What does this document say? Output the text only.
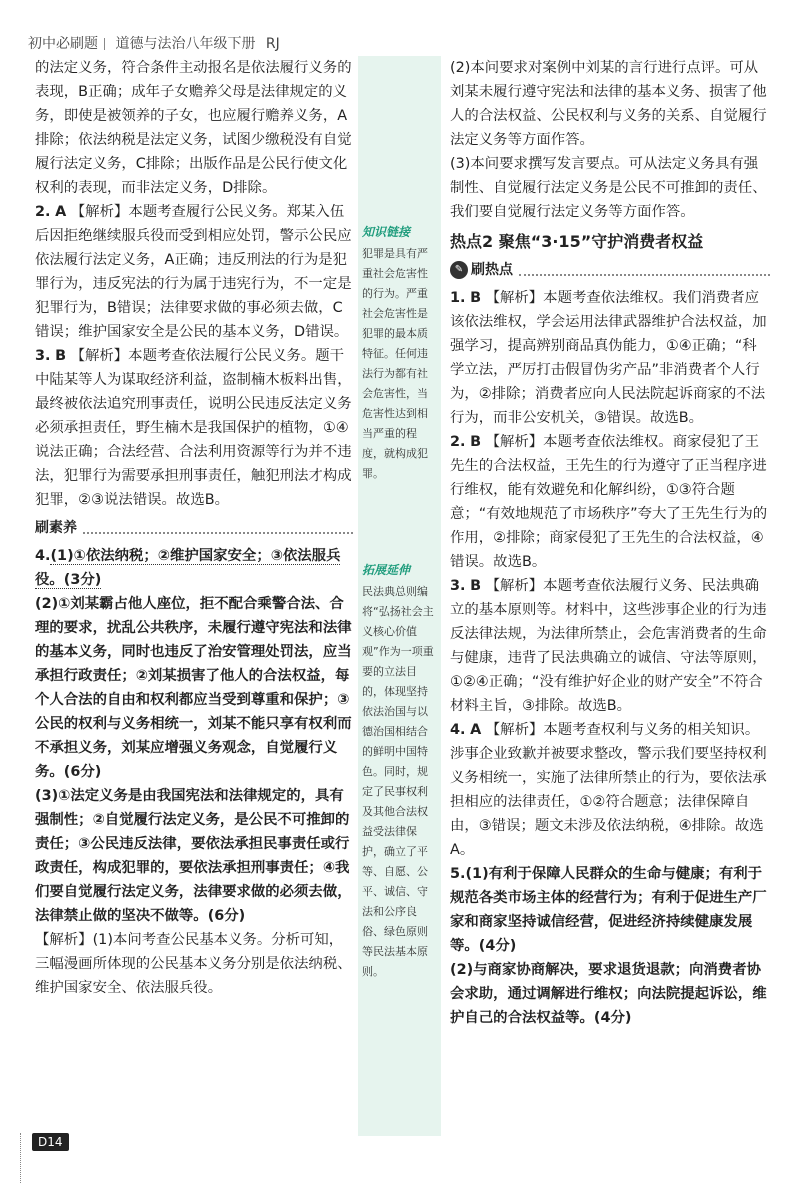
初中必刷题 道德与法治八年级下册 RJ
知识链接
犯罪是具有严重社会危害性的行为。严重社会危害性是犯罪的最本质特征。任何违法行为都有社会危害性，当危害性达到相当严重的程度，就构成犯罪。
拓展延伸
民法典总则编将“弘扬社会主义核心价值观”作为一项重要的立法目的，体现坚持依法治国与以德治国相结合的鲜明中国特色。同时，规定了民事权利及其他合法权益受法律保护，确立了平等、自愿、公平、诚信、守法和公序良俗、绿色原则等民法基本原则。

的法定义务，符合条件主动报名是依法履行义务的表现，B正确；成年子女赡养父母是法律规定的义务，即使是被领养的子女，也应履行赡养义务，A排除；依法纳税是法定义务，试图少缴税没有自觉履行法定义务，C排除；出版作品是公民行使文化权利的表现，而非法定义务，D排除。

2. A 【解析】本题考查履行公民义务。郑某入伍后因拒绝继续服兵役而受到相应处罚，警示公民应依法履行法定义务，A正确；违反刑法的行为是犯罪行为，违反宪法的行为属于违宪行为，不一定是犯罪行为，B错误；法律要求做的事必须去做，C错误；维护国家安全是公民的基本义务，D错误。

3. B 【解析】本题考查依法履行公民义务。题干中陆某等人为谋取经济利益，盗制楠木板料出售，最终被依法追究刑事责任，说明公民违反法定义务必须承担责任，野生楠木是我国保护的植物，①④说法正确；合法经营、合法利用资源等行为并不违法，犯罪行为需要承担刑事责任，触犯刑法才构成犯罪，②③说法错误。故选B。

刷素养

4.(1)①依法纳税；②维护国家安全；③依法服兵役。(3分)

(2)①刘某霸占他人座位，拒不配合乘警合法、合理的要求，扰乱公共秩序，未履行遵守宪法和法律的基本义务，同时也违反了治安管理处罚法，应当承担行政责任；②刘某损害了他人的合法权益，每个人合法的自由和权利都应当受到尊重和保护；③公民的权利与义务相统一，刘某不能只享有权利而不承担义务，刘某应增强义务观念，自觉履行义务。(6分)

(3)①法定义务是由我国宪法和法律规定的，具有强制性；②自觉履行法定义务，是公民不可推卸的责任；③公民违反法律，要依法承担民事责任或行政责任，构成犯罪的，要依法承担刑事责任；④我们要自觉履行法定义务，法律要求做的必须去做，法律禁止做的坚决不做等。(6分)

【解析】(1)本问考查公民基本义务。分析可知，三幅漫画所体现的公民基本义务分别是依法纳税、维护国家安全、依法服兵役。

(2)本问要求对案例中刘某的言行进行点评。可从刘某未履行遵守宪法和法律的基本义务、损害了他人的合法权益、公民权利与义务的关系、自觉履行法定义务等方面作答。

(3)本问要求撰写发言要点。可从法定义务具有强制性、自觉履行法定义务是公民不可推卸的责任、我们要自觉履行法定义务等方面作答。

热点2 聚焦“3·15”守护消费者权益
✎ 刷热点

1. B 【解析】本题考查依法维权。我们消费者应该依法维权，学会运用法律武器维护合法权益，加强学习，提高辨别商品真伪能力，①④正确；“科学立法，严厉打击假冒伪劣产品”非消费者个人行为，②排除；消费者应向人民法院起诉商家的不法行为，而非公安机关，③错误。故选B。

2. B 【解析】本题考查依法维权。商家侵犯了王先生的合法权益，王先生的行为遵守了正当程序进行维权，能有效避免和化解纠纷，①③符合题意；“有效地规范了市场秩序”夸大了王先生行为的作用，②排除；商家侵犯了王先生的合法权益，④错误。故选B。

3. B 【解析】本题考查依法履行义务、民法典确立的基本原则等。材料中，这些涉事企业的行为违反法律法规，为法律所禁止，会危害消费者的生命与健康，违背了民法典确立的诚信、守法等原则，①②④正确；“没有维护好企业的财产安全”不符合材料主旨，③排除。故选B。

4. A 【解析】本题考查权利与义务的相关知识。涉事企业致歉并被要求整改，警示我们要坚持权利义务相统一，实施了法律所禁止的行为，要依法承担相应的法律责任，①②符合题意；法律保障自由，③错误；题文未涉及依法纳税，④排除。故选A。

5.(1)有利于保障人民群众的生命与健康；有利于规范各类市场主体的经营行为；有利于促进生产厂家和商家坚持诚信经营，促进经济持续健康发展等。(4分)

(2)与商家协商解决，要求退货退款；向消费者协会求助，通过调解进行维权；向法院提起诉讼，维护自己的合法权益等。(4分)

D14
